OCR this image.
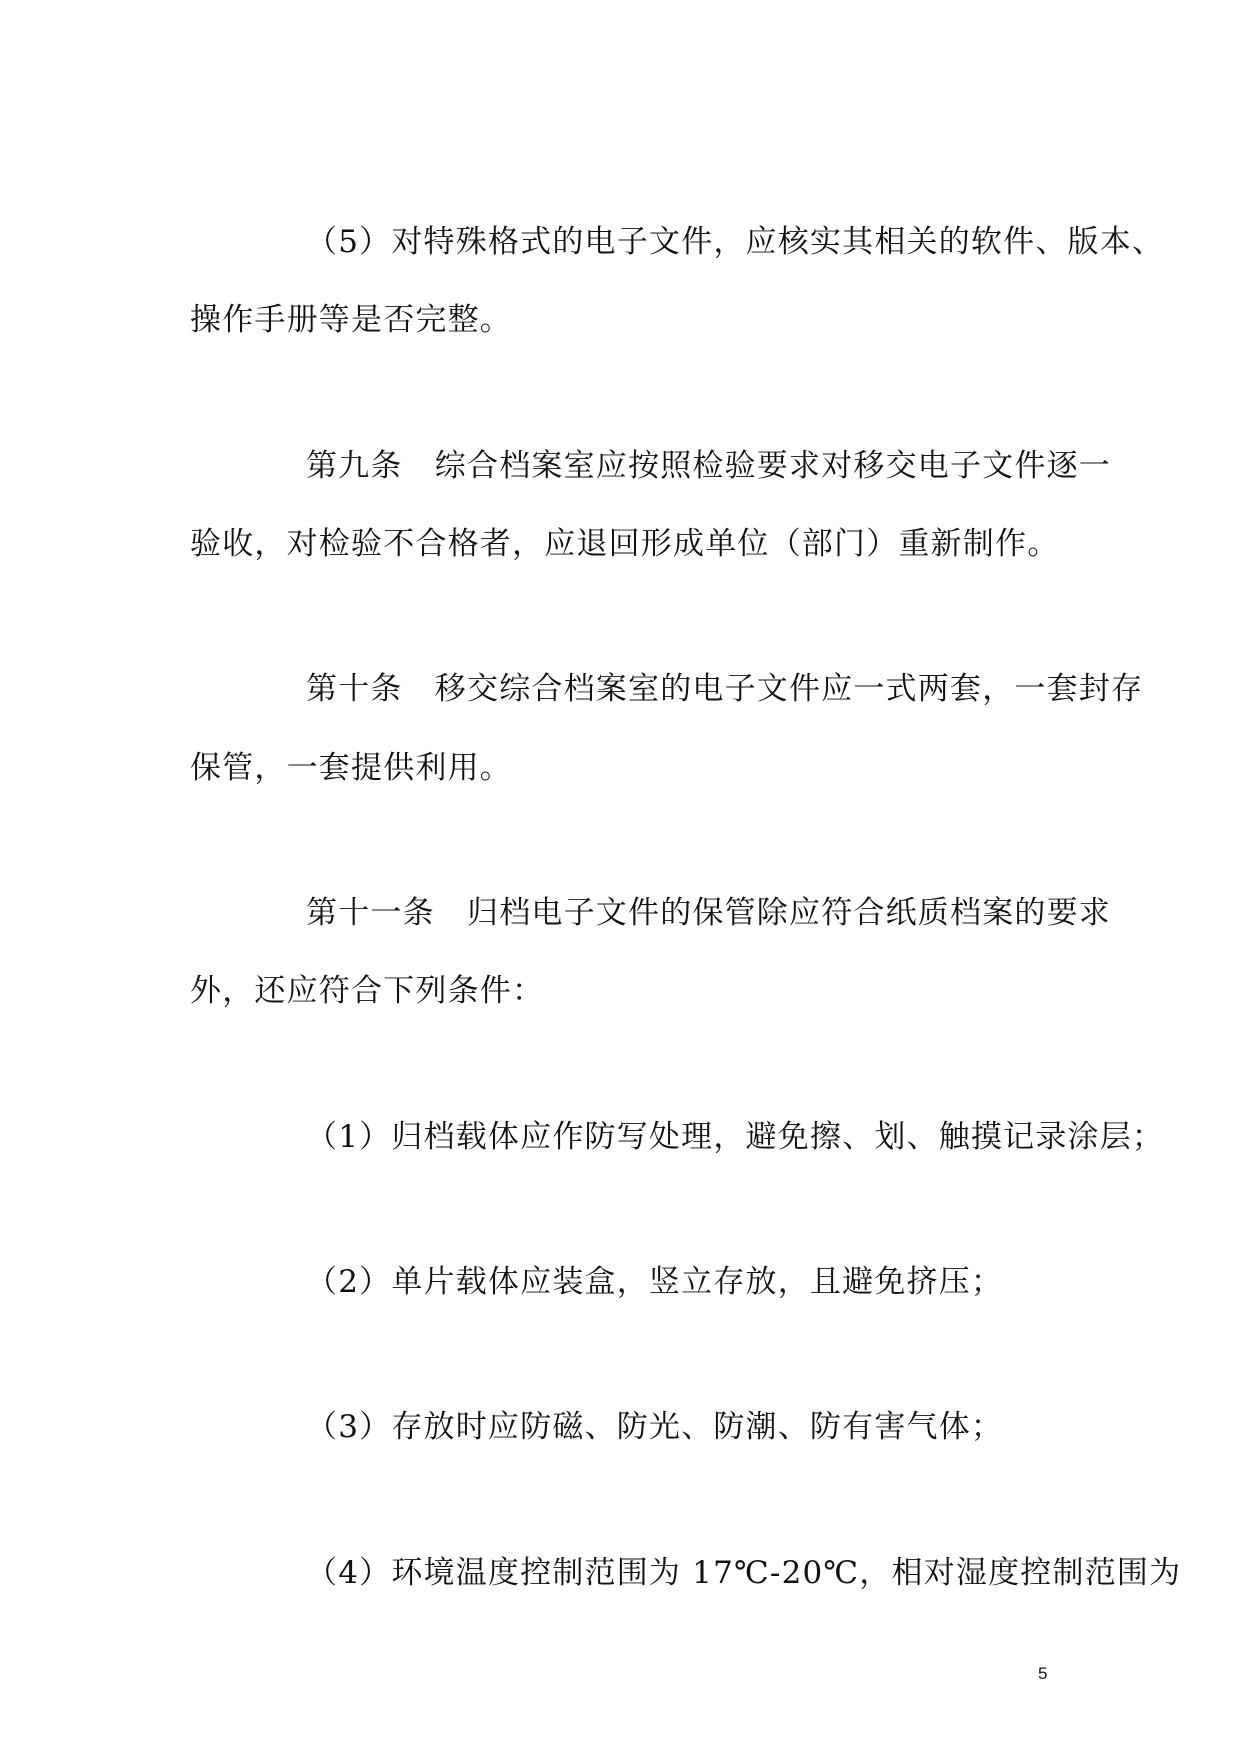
（5）对特殊格式的电子文件，应核实其相关的软件、版本、
操作手册等是否完整。
第九条　综合档案室应按照检验要求对移交电子文件逐一
验收，对检验不合格者，应退回形成单位（部门）重新制作。
第十条　移交综合档案室的电子文件应一式两套，一套封存
保管，一套提供利用。
第十一条　归档电子文件的保管除应符合纸质档案的要求
外，还应符合下列条件：
（1）归档载体应作防写处理，避免擦、划、触摸记录涂层；
（2）单片载体应装盒，竖立存放，且避免挤压；
（3）存放时应防磁、防光、防潮、防有害气体；
（4）环境温度控制范围为 17℃-20℃，相对湿度控制范围为
5
